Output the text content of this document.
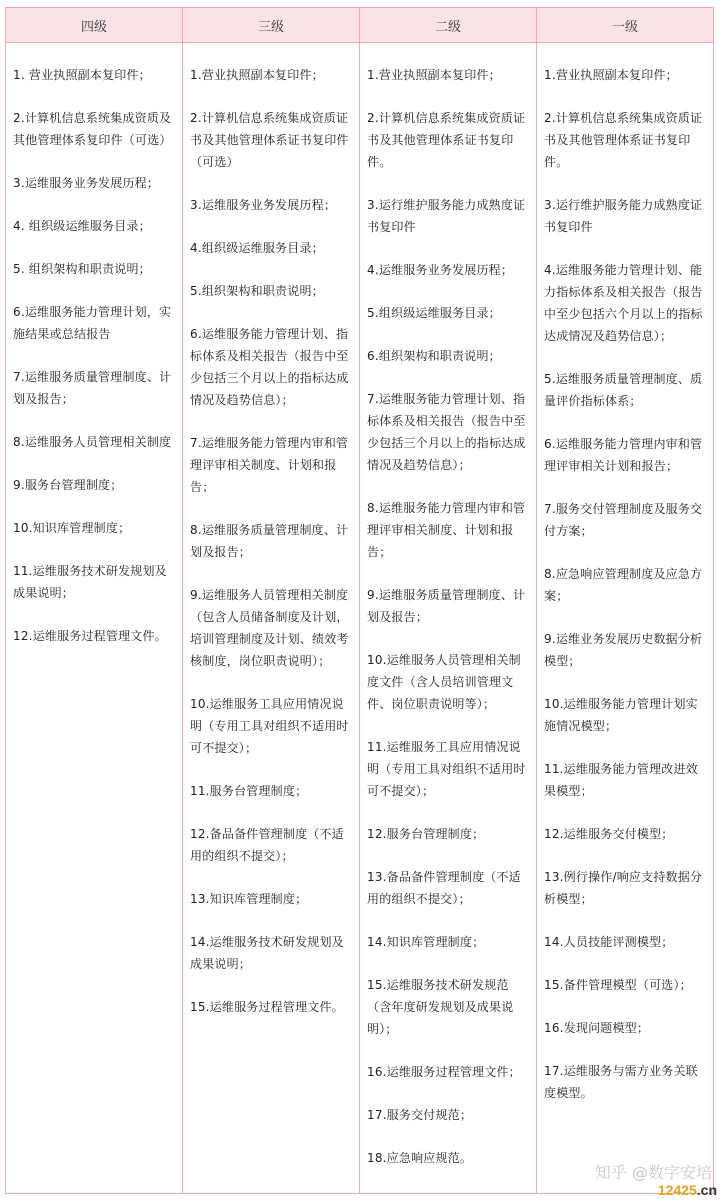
四级	三级	二级	一级
1. 营业执照副本复印件；
2.计算机信息系统集成资质及其他管理体系复印件（可选）
3.运维服务业务发展历程；
4. 组织级运维服务目录；
5. 组织架构和职责说明；
6.运维服务能力管理计划，实施结果或总结报告
7.运维服务质量管理制度、计划及报告；
8.运维服务人员管理相关制度
9.服务台管理制度；
10.知识库管理制度；
11.运维服务技术研发规划及成果说明；
12.运维服务过程管理文件。
1.营业执照副本复印件；
2.计算机信息系统集成资质证书及其他管理体系证书复印件（可选）
3.运维服务业务发展历程；
4.组织级运维服务目录；
5.组织架构和职责说明；
6.运维服务能力管理计划、指标体系及相关报告（报告中至少包括三个月以上的指标达成情况及趋势信息）；
7.运维服务能力管理内审和管理评审相关制度、计划和报告；
8.运维服务质量管理制度、计划及报告；
9.运维服务人员管理相关制度（包含人员储备制度及计划，培训管理制度及计划、绩效考核制度，岗位职责说明）；
10.运维服务工具应用情况说明（专用工具对组织不适用时可不提交）；
11.服务台管理制度；
12.备品备件管理制度（不适用的组织不提交）；
13.知识库管理制度；
14.运维服务技术研发规划及成果说明；
15.运维服务过程管理文件。
1.营业执照副本复印件；
2.计算机信息系统集成资质证书及其他管理体系证书复印件。
3.运行维护服务能力成熟度证书复印件
4.运维服务业务发展历程；
5.组织级运维服务目录；
6.组织架构和职责说明；
7.运维服务能力管理计划、指标体系及相关报告（报告中至少包括三个月以上的指标达成情况及趋势信息）；
8.运维服务能力管理内审和管理评审相关制度、计划和报告；
9.运维服务质量管理制度、计划及报告；
10.运维服务人员管理相关制度文件（含人员培训管理文件、岗位职责说明等）；
11.运维服务工具应用情况说明（专用工具对组织不适用时可不提交）；
12.服务台管理制度；
13.备品备件管理制度（不适用的组织不提交）；
14.知识库管理制度；
15.运维服务技术研发规范（含年度研发规划及成果说明）；
16.运维服务过程管理文件；
17.服务交付规范；
18.应急响应规范。
1.营业执照副本复印件；
2.计算机信息系统集成资质证书及其他管理体系证书复印件。
3.运行维护服务能力成熟度证书复印件
4.运维服务能力管理计划、能力指标体系及相关报告（报告中至少包括六个月以上的指标达成情况及趋势信息）；
5.运维服务质量管理制度、质量评价指标体系；
6.运维服务能力管理内审和管理评审相关计划和报告；
7.服务交付管理制度及服务交付方案；
8.应急响应管理制度及应急方案；
9.运维业务发展历史数据分析模型；
10.运维服务能力管理计划实施情况模型；
11.运维服务能力管理改进效果模型；
12.运维服务交付模型；
13.例行操作/响应支持数据分析模型；
14.人员技能评测模型；
15.备件管理模型（可选）；
16.发现问题模型；
17.运维服务与需方业务关联度模型。
知乎 @数字安培
12425.cn
